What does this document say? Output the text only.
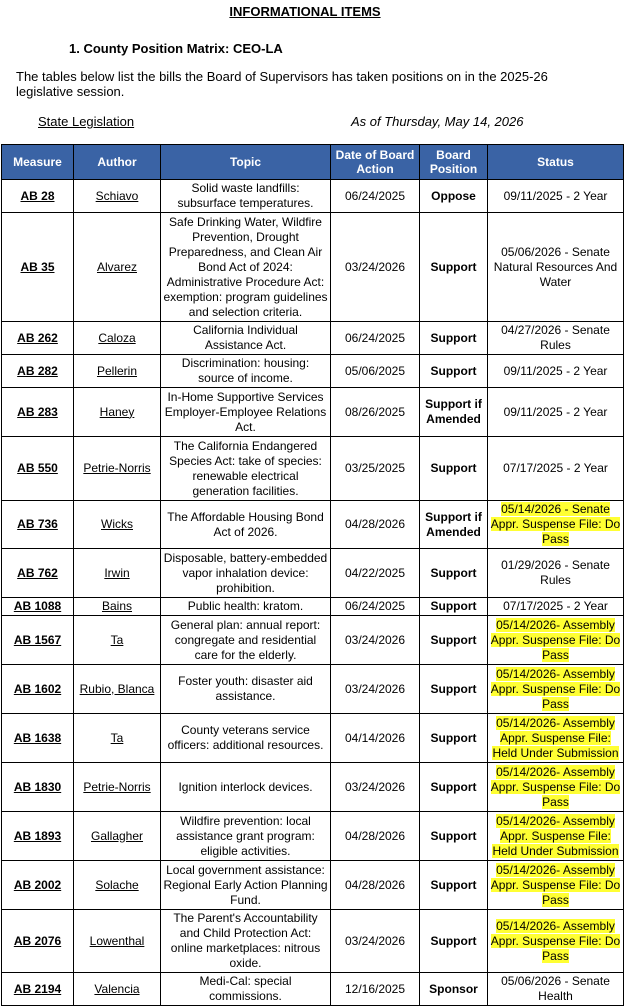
INFORMATIONAL ITEMS
1. County Position Matrix: CEO-LA
The tables below list the bills the Board of Supervisors has taken positions on in the 2025-26 legislative session.
State Legislation	As of Thursday, May 14, 2026
Measure	Author	Topic	Date of Board Action	Board Position	Status
AB 28	Schiavo	Solid waste landfills: subsurface temperatures.	06/24/2025	Oppose	09/11/2025 - 2 Year
AB 35	Alvarez	Safe Drinking Water, Wildfire Prevention, Drought Preparedness, and Clean Air Bond Act of 2024: Administrative Procedure Act: exemption: program guidelines and selection criteria.	03/24/2026	Support	05/06/2026 - Senate Natural Resources And Water
AB 262	Caloza	California Individual Assistance Act.	06/24/2025	Support	04/27/2026 - Senate Rules
AB 282	Pellerin	Discrimination: housing: source of income.	05/06/2025	Support	09/11/2025 - 2 Year
AB 283	Haney	In-Home Supportive Services Employer-Employee Relations Act.	08/26/2025	Support if Amended	09/11/2025 - 2 Year
AB 550	Petrie-Norris	The California Endangered Species Act: take of species: renewable electrical generation facilities.	03/25/2025	Support	07/17/2025 - 2 Year
AB 736	Wicks	The Affordable Housing Bond Act of 2026.	04/28/2026	Support if Amended	05/14/2026 - Senate Appr. Suspense File: Do Pass
AB 762	Irwin	Disposable, battery-embedded vapor inhalation device: prohibition.	04/22/2025	Support	01/29/2026 - Senate Rules
AB 1088	Bains	Public health: kratom.	06/24/2025	Support	07/17/2025 - 2 Year
AB 1567	Ta	General plan: annual report: congregate and residential care for the elderly.	03/24/2026	Support	05/14/2026- Assembly Appr. Suspense File: Do Pass
AB 1602	Rubio, Blanca	Foster youth: disaster aid assistance.	03/24/2026	Support	05/14/2026- Assembly Appr. Suspense File: Do Pass
AB 1638	Ta	County veterans service officers: additional resources.	04/14/2026	Support	05/14/2026- Assembly Appr. Suspense File: Held Under Submission
AB 1830	Petrie-Norris	Ignition interlock devices.	03/24/2026	Support	05/14/2026- Assembly Appr. Suspense File: Do Pass
AB 1893	Gallagher	Wildfire prevention: local assistance grant program: eligible activities.	04/28/2026	Support	05/14/2026- Assembly Appr. Suspense File: Held Under Submission
AB 2002	Solache	Local government assistance: Regional Early Action Planning Fund.	04/28/2026	Support	05/14/2026- Assembly Appr. Suspense File: Do Pass
AB 2076	Lowenthal	The Parent's Accountability and Child Protection Act: online marketplaces: nitrous oxide.	03/24/2026	Support	05/14/2026- Assembly Appr. Suspense File: Do Pass
AB 2194	Valencia	Medi-Cal: special commissions.	12/16/2025	Sponsor	05/06/2026 - Senate Health
